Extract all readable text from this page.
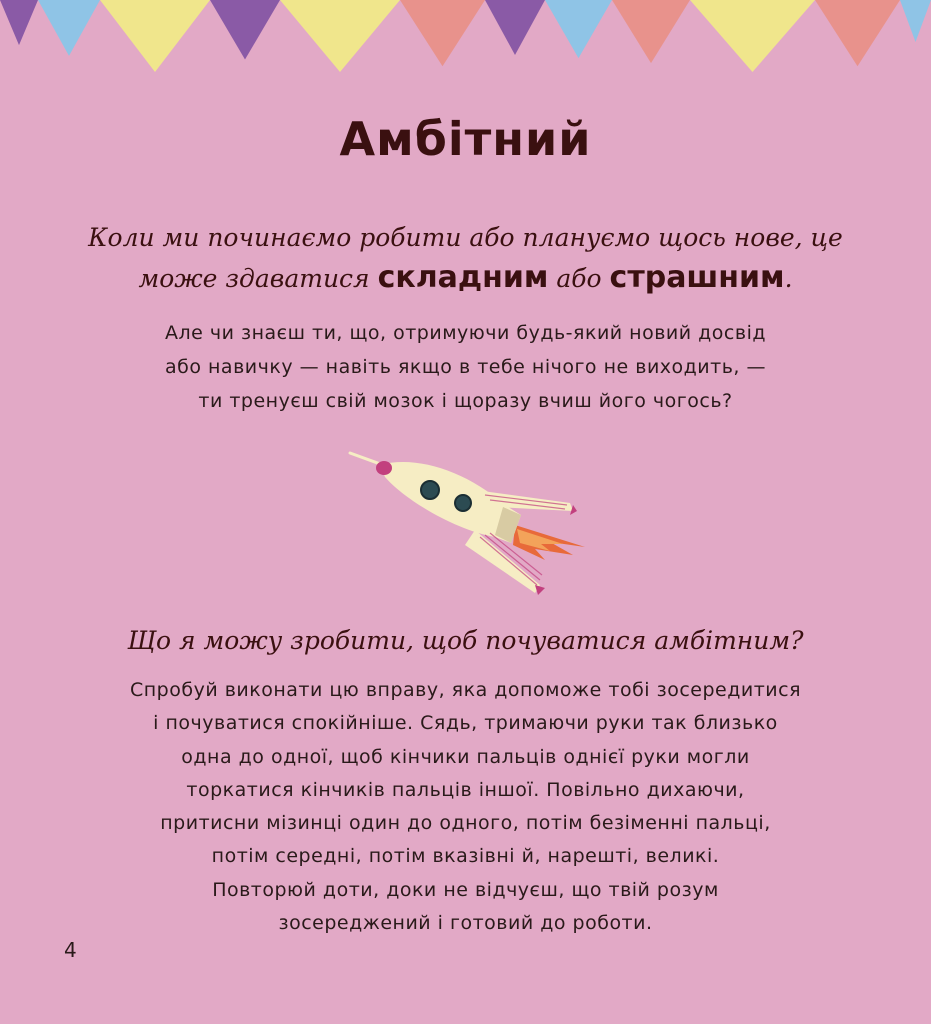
Амбітний
Коли ми починаємо робити або плануємо щось нове, це
може здаватися складним або страшним.
Але чи знаєш ти, що, отримуючи будь-який новий досвід
або навичку — навіть якщо в тебе нічого не виходить, —
ти тренуєш свій мозок і щоразу вчиш його чогось?
Що я можу зробити, щоб почуватися амбітним?
Спробуй виконати цю вправу, яка допоможе тобі зосередитися
і почуватися спокійніше. Сядь, тримаючи руки так близько
одна до одної, щоб кінчики пальців однієї руки могли
торкатися кінчиків пальців іншої. Повільно дихаючи,
притисни мізинці один до одного, потім безіменні пальці,
потім середні, потім вказівні й, нарешті, великі.
Повторюй доти, доки не відчуєш, що твій розум
зосереджений і готовий до роботи.
4
